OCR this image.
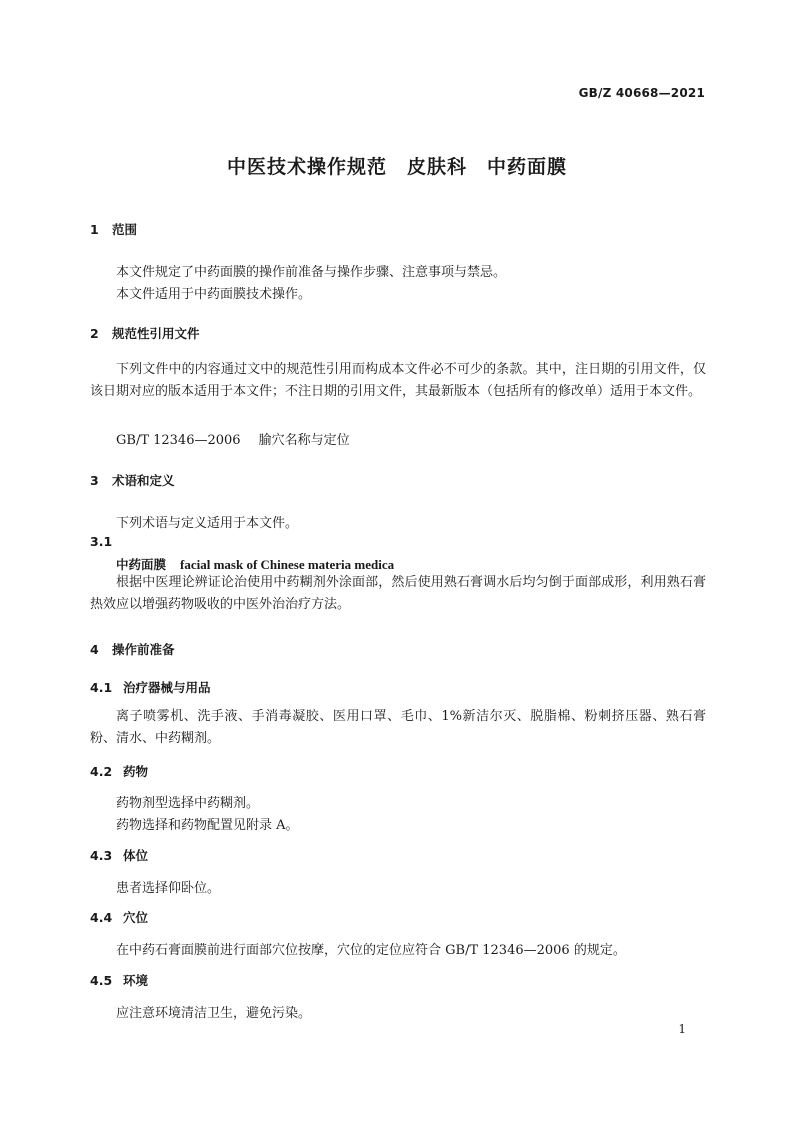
GB/Z 40668—2021
中医技术操作规范　皮肤科　中药面膜
1 范围
本文件规定了中药面膜的操作前准备与操作步骤、注意事项与禁忌。
本文件适用于中药面膜技术操作。
2 规范性引用文件
下列文件中的内容通过文中的规范性引用而构成本文件必不可少的条款。其中，注日期的引用文件，仅该日期对应的版本适用于本文件；不注日期的引用文件，其最新版本（包括所有的修改单）适用于本文件。
GB/T 12346—2006 腧穴名称与定位
3 术语和定义
下列术语与定义适用于本文件。
3.1
中药面膜 facial mask of Chinese materia medica
根据中医理论辨证论治使用中药糊剂外涂面部，然后使用熟石膏调水后均匀倒于面部成形，利用熟石膏热效应以增强药物吸收的中医外治治疗方法。
4 操作前准备
4.1 治疗器械与用品
离子喷雾机、洗手液、手消毒凝胶、医用口罩、毛巾、1%新洁尔灭、脱脂棉、粉刺挤压器、熟石膏粉、清水、中药糊剂。
4.2 药物
药物剂型选择中药糊剂。
药物选择和药物配置见附录 A。
4.3 体位
患者选择仰卧位。
4.4 穴位
在中药石膏面膜前进行面部穴位按摩，穴位的定位应符合 GB/T 12346—2006 的规定。
4.5 环境
应注意环境清洁卫生，避免污染。
1
